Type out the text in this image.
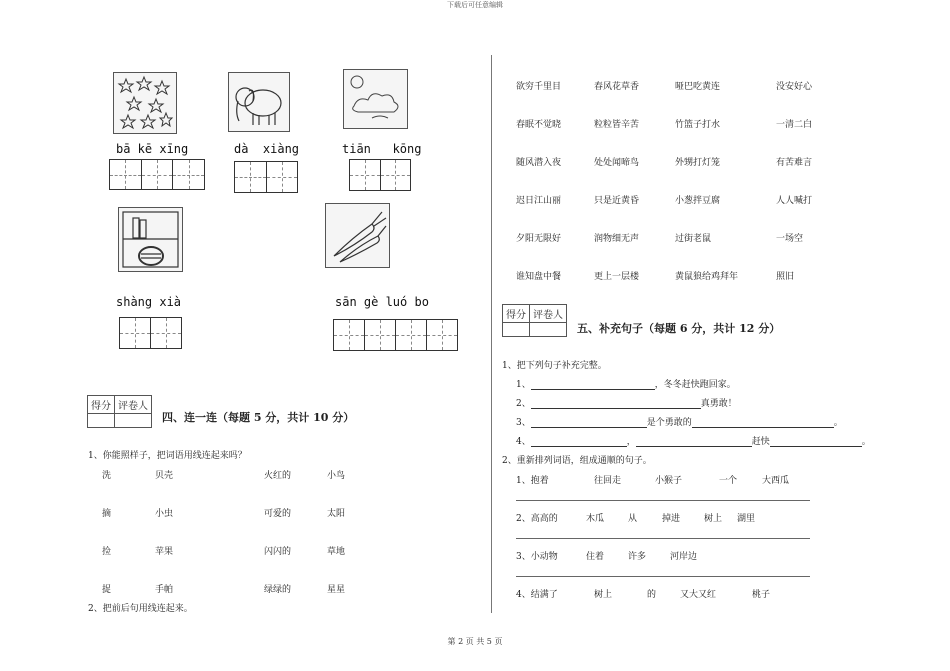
下载后可任意编辑
bā kē xīng	dà  xiàng	tiān   kōng
shàng xià	sān gè luó bo
得分 评卷人
四、连一连（每题 5 分，共计 10 分）
1、你能照样子，把词语用线连起来吗？
洗	贝壳	火红的	小鸟
摘	小虫	可爱的	太阳
捡	苹果	闪闪的	草地
捉	手帕	绿绿的	星星
2、把前后句用线连起来。
欲穷千里目	春风花草香	哑巴吃黄连	没安好心
春眠不觉晓	粒粒皆辛苦	竹篮子打水	一清二白
随风潜入夜	处处闻啼鸟	外甥打灯笼	有苦难言
迟日江山丽	只是近黄昏	小葱拌豆腐	人人喊打
夕阳无限好	润物细无声	过街老鼠	一场空
谁知盘中餐	更上一层楼	黄鼠狼给鸡拜年	照旧
得分 评卷人
五、补充句子（每题 6 分，共计 12 分）
1、把下列句子补充完整。
1、	，冬冬赶快跑回家。
2、	真勇敢！
3、	是个勇敢的	。
4、	，	赶快	。
2、重新排列词语，组成通顺的句子。
1、抱着	往回走	小猴子	一个	大西瓜
2、高高的	木瓜	从	掉进	树上 湖里
3、小动物	住着	许多	河岸边
4、结满了	树上	的	又大又红	桃子
第 2 页 共 5 页
